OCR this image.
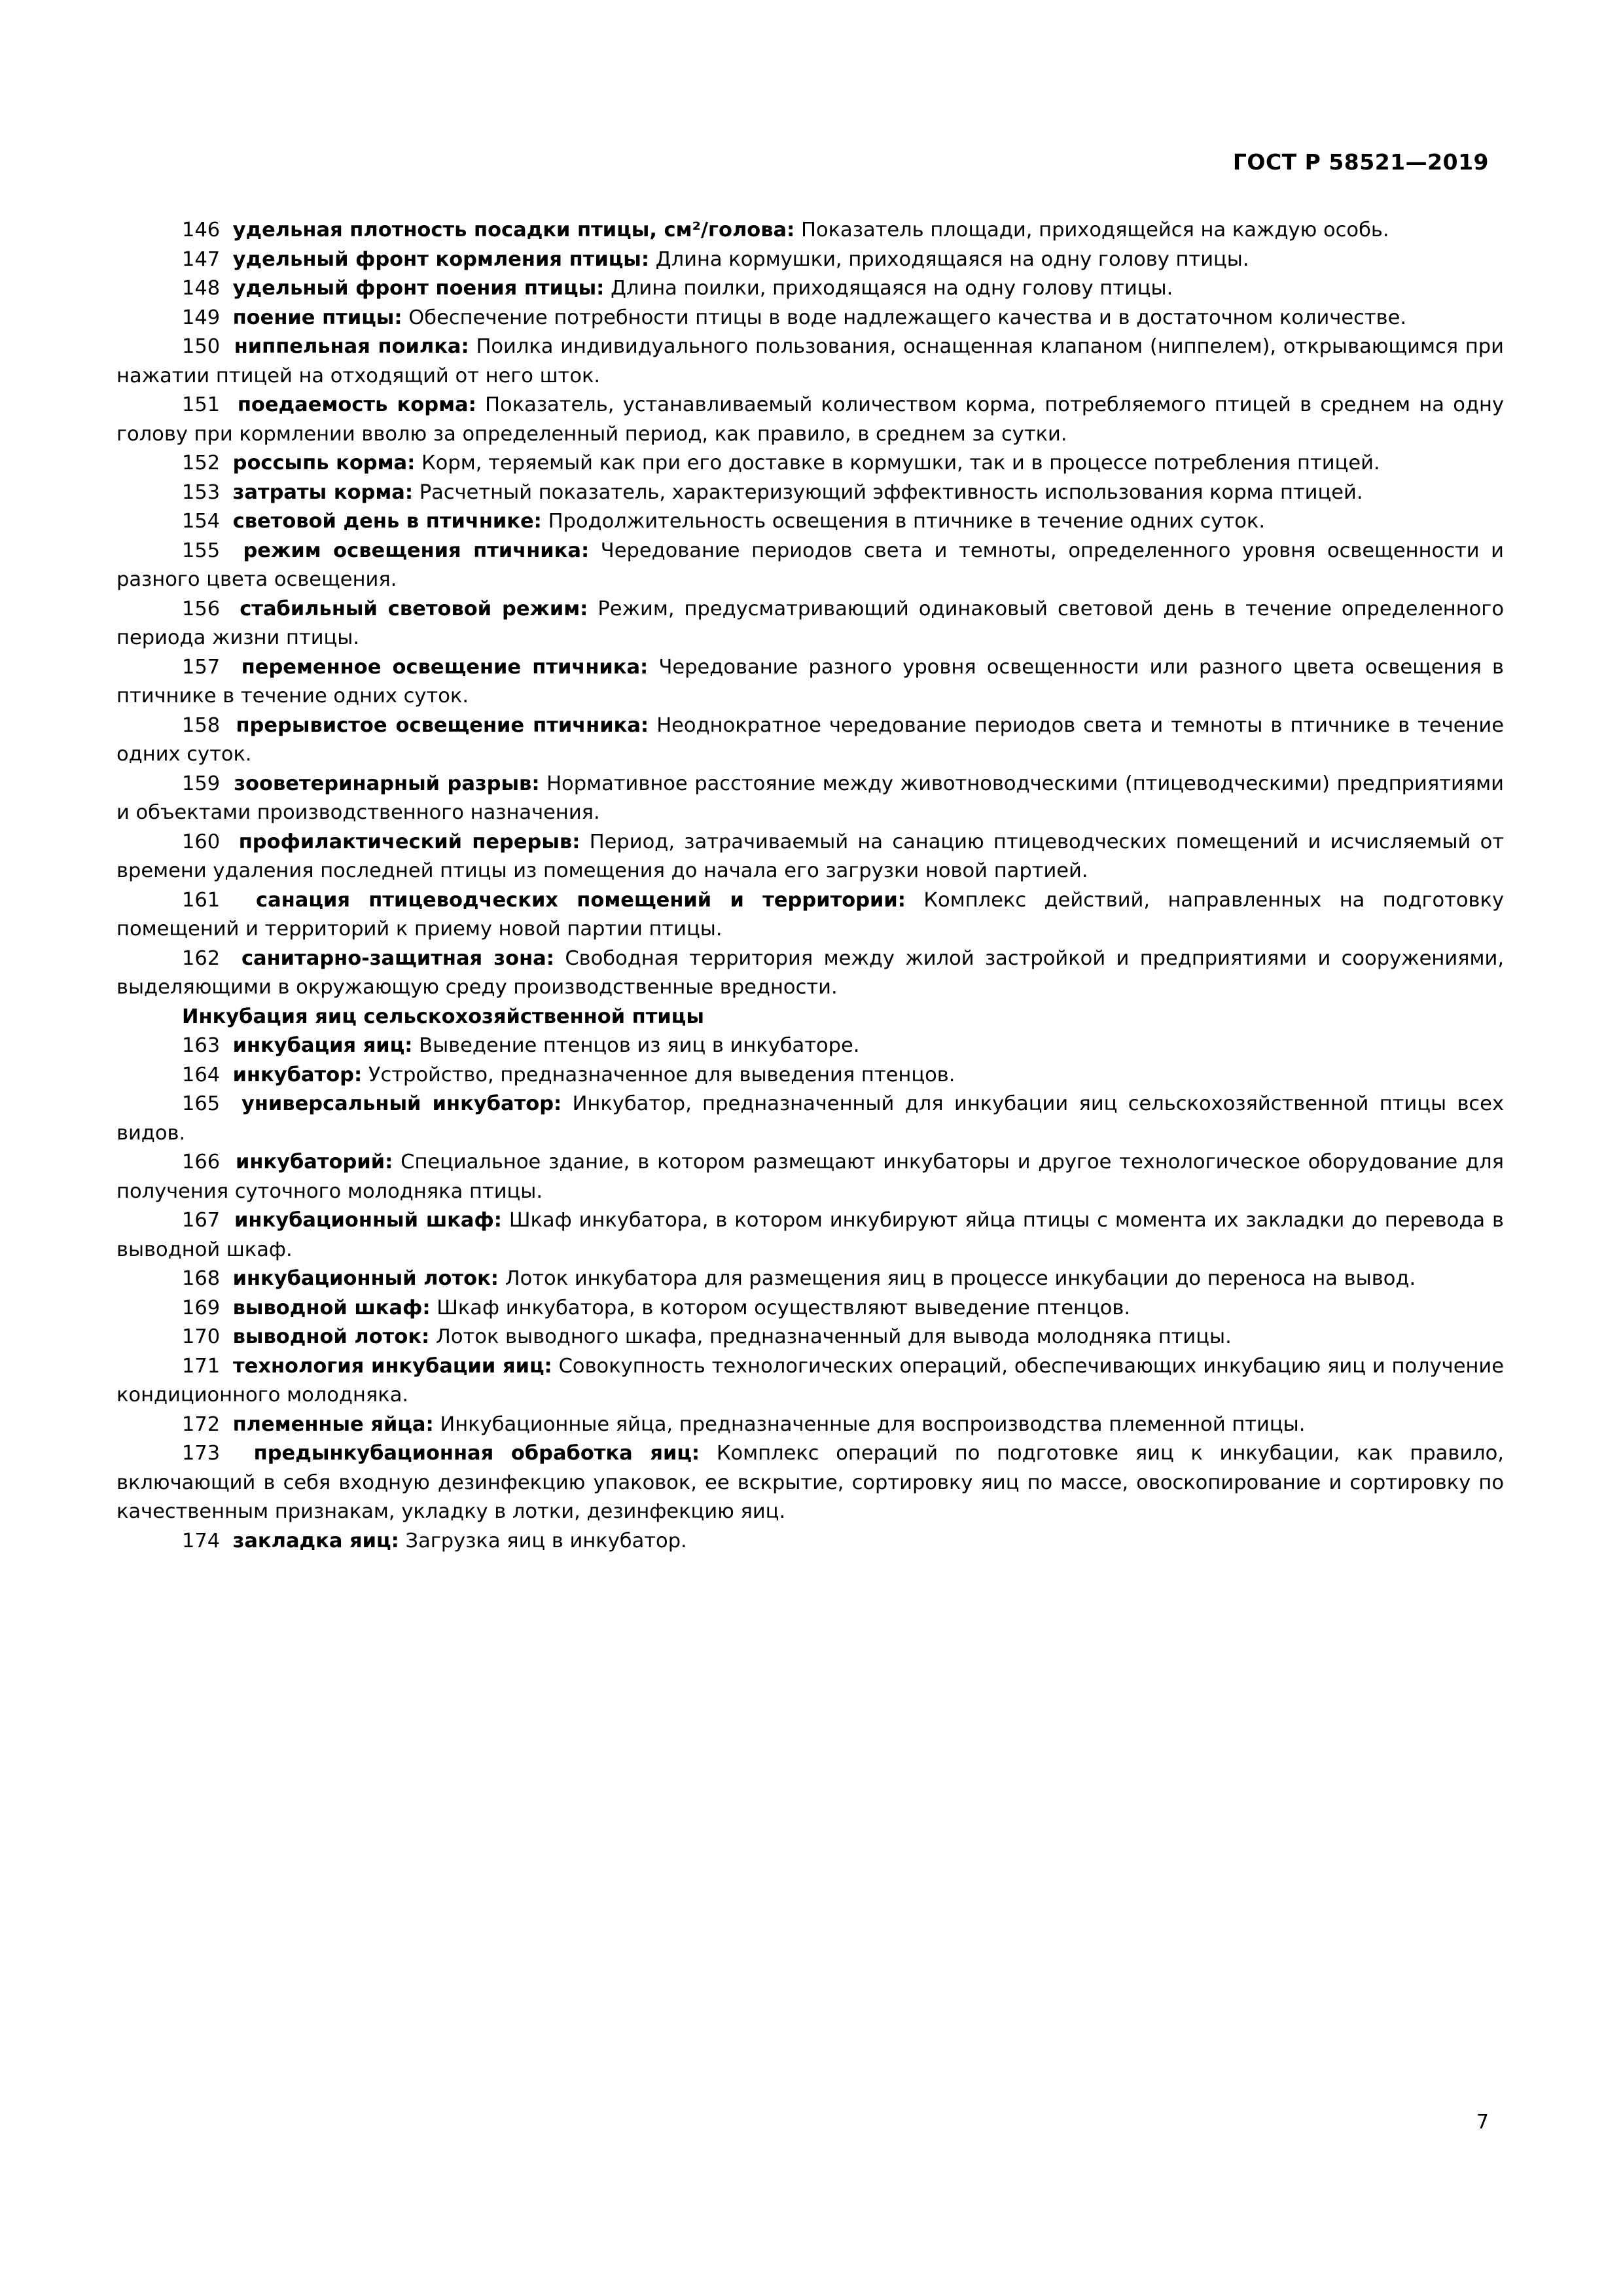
ГОСТ Р 58521—2019

146 удельная плотность посадки птицы, см²/голова: Показатель площади, приходящейся на каждую особь.

147 удельный фронт кормления птицы: Длина кормушки, приходящаяся на одну голову птицы.

148 удельный фронт поения птицы: Длина поилки, приходящаяся на одну голову птицы.

149 поение птицы: Обеспечение потребности птицы в воде надлежащего качества и в достаточном количестве.

150 ниппельная поилка: Поилка индивидуального пользования, оснащенная клапаном (ниппелем), открывающимся при нажатии птицей на отходящий от него шток.

151 поедаемость корма: Показатель, устанавливаемый количеством корма, потребляемого птицей в среднем на одну голову при кормлении вволю за определенный период, как правило, в среднем за сутки.

152 россыпь корма: Корм, теряемый как при его доставке в кормушки, так и в процессе потребления птицей.

153 затраты корма: Расчетный показатель, характеризующий эффективность использования корма птицей.

154 световой день в птичнике: Продолжительность освещения в птичнике в течение одних суток.

155 режим освещения птичника: Чередование периодов света и темноты, определенного уровня освещенности и разного цвета освещения.

156 стабильный световой режим: Режим, предусматривающий одинаковый световой день в течение определенного периода жизни птицы.

157 переменное освещение птичника: Чередование разного уровня освещенности или разного цвета освещения в птичнике в течение одних суток.

158 прерывистое освещение птичника: Неоднократное чередование периодов света и темноты в птичнике в течение одних суток.

159 зооветеринарный разрыв: Нормативное расстояние между животноводческими (птицеводческими) предприятиями и объектами производственного назначения.

160 профилактический перерыв: Период, затрачиваемый на санацию птицеводческих помещений и исчисляемый от времени удаления последней птицы из помещения до начала его загрузки новой партией.

161 санация птицеводческих помещений и территории: Комплекс действий, направленных на подготовку помещений и территорий к приему новой партии птицы.

162 санитарно-защитная зона: Свободная территория между жилой застройкой и предприятиями и сооружениями, выделяющими в окружающую среду производственные вредности.

Инкубация яиц сельскохозяйственной птицы

163 инкубация яиц: Выведение птенцов из яиц в инкубаторе.

164 инкубатор: Устройство, предназначенное для выведения птенцов.

165 универсальный инкубатор: Инкубатор, предназначенный для инкубации яиц сельскохозяйственной птицы всех видов.

166 инкубаторий: Специальное здание, в котором размещают инкубаторы и другое технологическое оборудование для получения суточного молодняка птицы.

167 инкубационный шкаф: Шкаф инкубатора, в котором инкубируют яйца птицы с момента их закладки до перевода в выводной шкаф.

168 инкубационный лоток: Лоток инкубатора для размещения яиц в процессе инкубации до переноса на вывод.

169 выводной шкаф: Шкаф инкубатора, в котором осуществляют выведение птенцов.

170 выводной лоток: Лоток выводного шкафа, предназначенный для вывода молодняка птицы.

171 технология инкубации яиц: Совокупность технологических операций, обеспечивающих инкубацию яиц и получение кондиционного молодняка.

172 племенные яйца: Инкубационные яйца, предназначенные для воспроизводства племенной птицы.

173 предынкубационная обработка яиц: Комплекс операций по подготовке яиц к инкубации, как правило, включающий в себя входную дезинфекцию упаковок, ее вскрытие, сортировку яиц по массе, овоскопирование и сортировку по качественным признакам, укладку в лотки, дезинфекцию яиц.

174 закладка яиц: Загрузка яиц в инкубатор.

7
